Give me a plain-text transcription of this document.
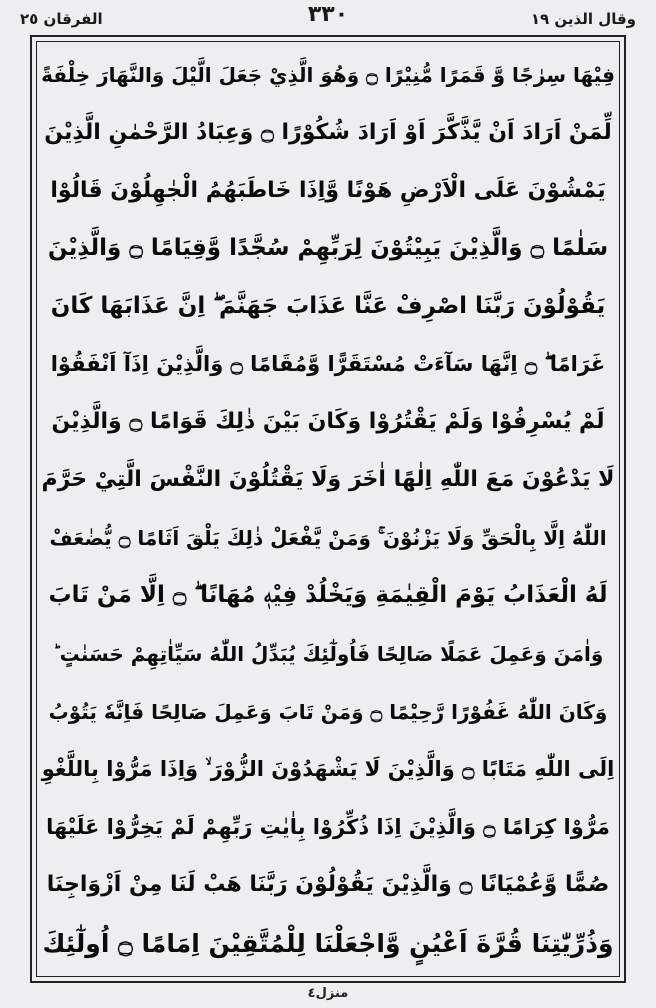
وقال الذين ١٩
٣٣٠
الفرقان ٢٥
فِيْهَا سِرٰجًا وَّ قَمَرًا مُّنِيْرًا ۝ وَهُوَ الَّذِيْ جَعَلَ الَّيْلَ وَالنَّهَارَ خِلْفَةً
لِّمَنْ اَرَادَ اَنْ يَّذَّكَّرَ اَوْ اَرَادَ شُكُوْرًا ۝ وَعِبَادُ الرَّحْمٰنِ الَّذِيْنَ
يَمْشُوْنَ عَلَى الْاَرْضِ هَوْنًا وَّاِذَا خَاطَبَهُمُ الْجٰهِلُوْنَ قَالُوْا
سَلٰمًا ۝ وَالَّذِيْنَ يَبِيْتُوْنَ لِرَبِّهِمْ سُجَّدًا وَّقِيَامًا ۝ وَالَّذِيْنَ
يَقُوْلُوْنَ رَبَّنَا اصْرِفْ عَنَّا عَذَابَ جَهَنَّمَ ۖ اِنَّ عَذَابَهَا كَانَ
غَرَامًا ۖ ۝ اِنَّهَا سَآءَتْ مُسْتَقَرًّا وَّمُقَامًا ۝ وَالَّذِيْنَ اِذَآ اَنْفَقُوْا
لَمْ يُسْرِفُوْا وَلَمْ يَقْتُرُوْا وَكَانَ بَيْنَ ذٰلِكَ قَوَامًا ۝ وَالَّذِيْنَ
لَا يَدْعُوْنَ مَعَ اللّٰهِ اِلٰهًا اٰخَرَ وَلَا يَقْتُلُوْنَ النَّفْسَ الَّتِيْ حَرَّمَ
اللّٰهُ اِلَّا بِالْحَقِّ وَلَا يَزْنُوْنَ ۚ وَمَنْ يَّفْعَلْ ذٰلِكَ يَلْقَ اَثَامًا ۝ يُّضٰعَفْ
لَهُ الْعَذَابُ يَوْمَ الْقِيٰمَةِ وَيَخْلُدْ فِيْهٖ مُهَانًا ۖ ۝ اِلَّا مَنْ تَابَ
وَاٰمَنَ وَعَمِلَ عَمَلًا صَالِحًا فَاُولٰٓئِكَ يُبَدِّلُ اللّٰهُ سَيِّاٰتِهِمْ حَسَنٰتٍ ؕ
وَكَانَ اللّٰهُ غَفُوْرًا رَّحِيْمًا ۝ وَمَنْ تَابَ وَعَمِلَ صَالِحًا فَاِنَّهٗ يَتُوْبُ
اِلَى اللّٰهِ مَتَابًا ۝ وَالَّذِيْنَ لَا يَشْهَدُوْنَ الزُّوْرَ ۙ وَاِذَا مَرُّوْا بِاللَّغْوِ
مَرُّوْا كِرَامًا ۝ وَالَّذِيْنَ اِذَا ذُكِّرُوْا بِاٰيٰتِ رَبِّهِمْ لَمْ يَخِرُّوْا عَلَيْهَا
صُمًّا وَّعُمْيَانًا ۝ وَالَّذِيْنَ يَقُوْلُوْنَ رَبَّنَا هَبْ لَنَا مِنْ اَزْوَاجِنَا
وَذُرِّيّٰتِنَا قُرَّةَ اَعْيُنٍ وَّاجْعَلْنَا لِلْمُتَّقِيْنَ اِمَامًا ۝ اُولٰٓئِكَ
منزل٤
